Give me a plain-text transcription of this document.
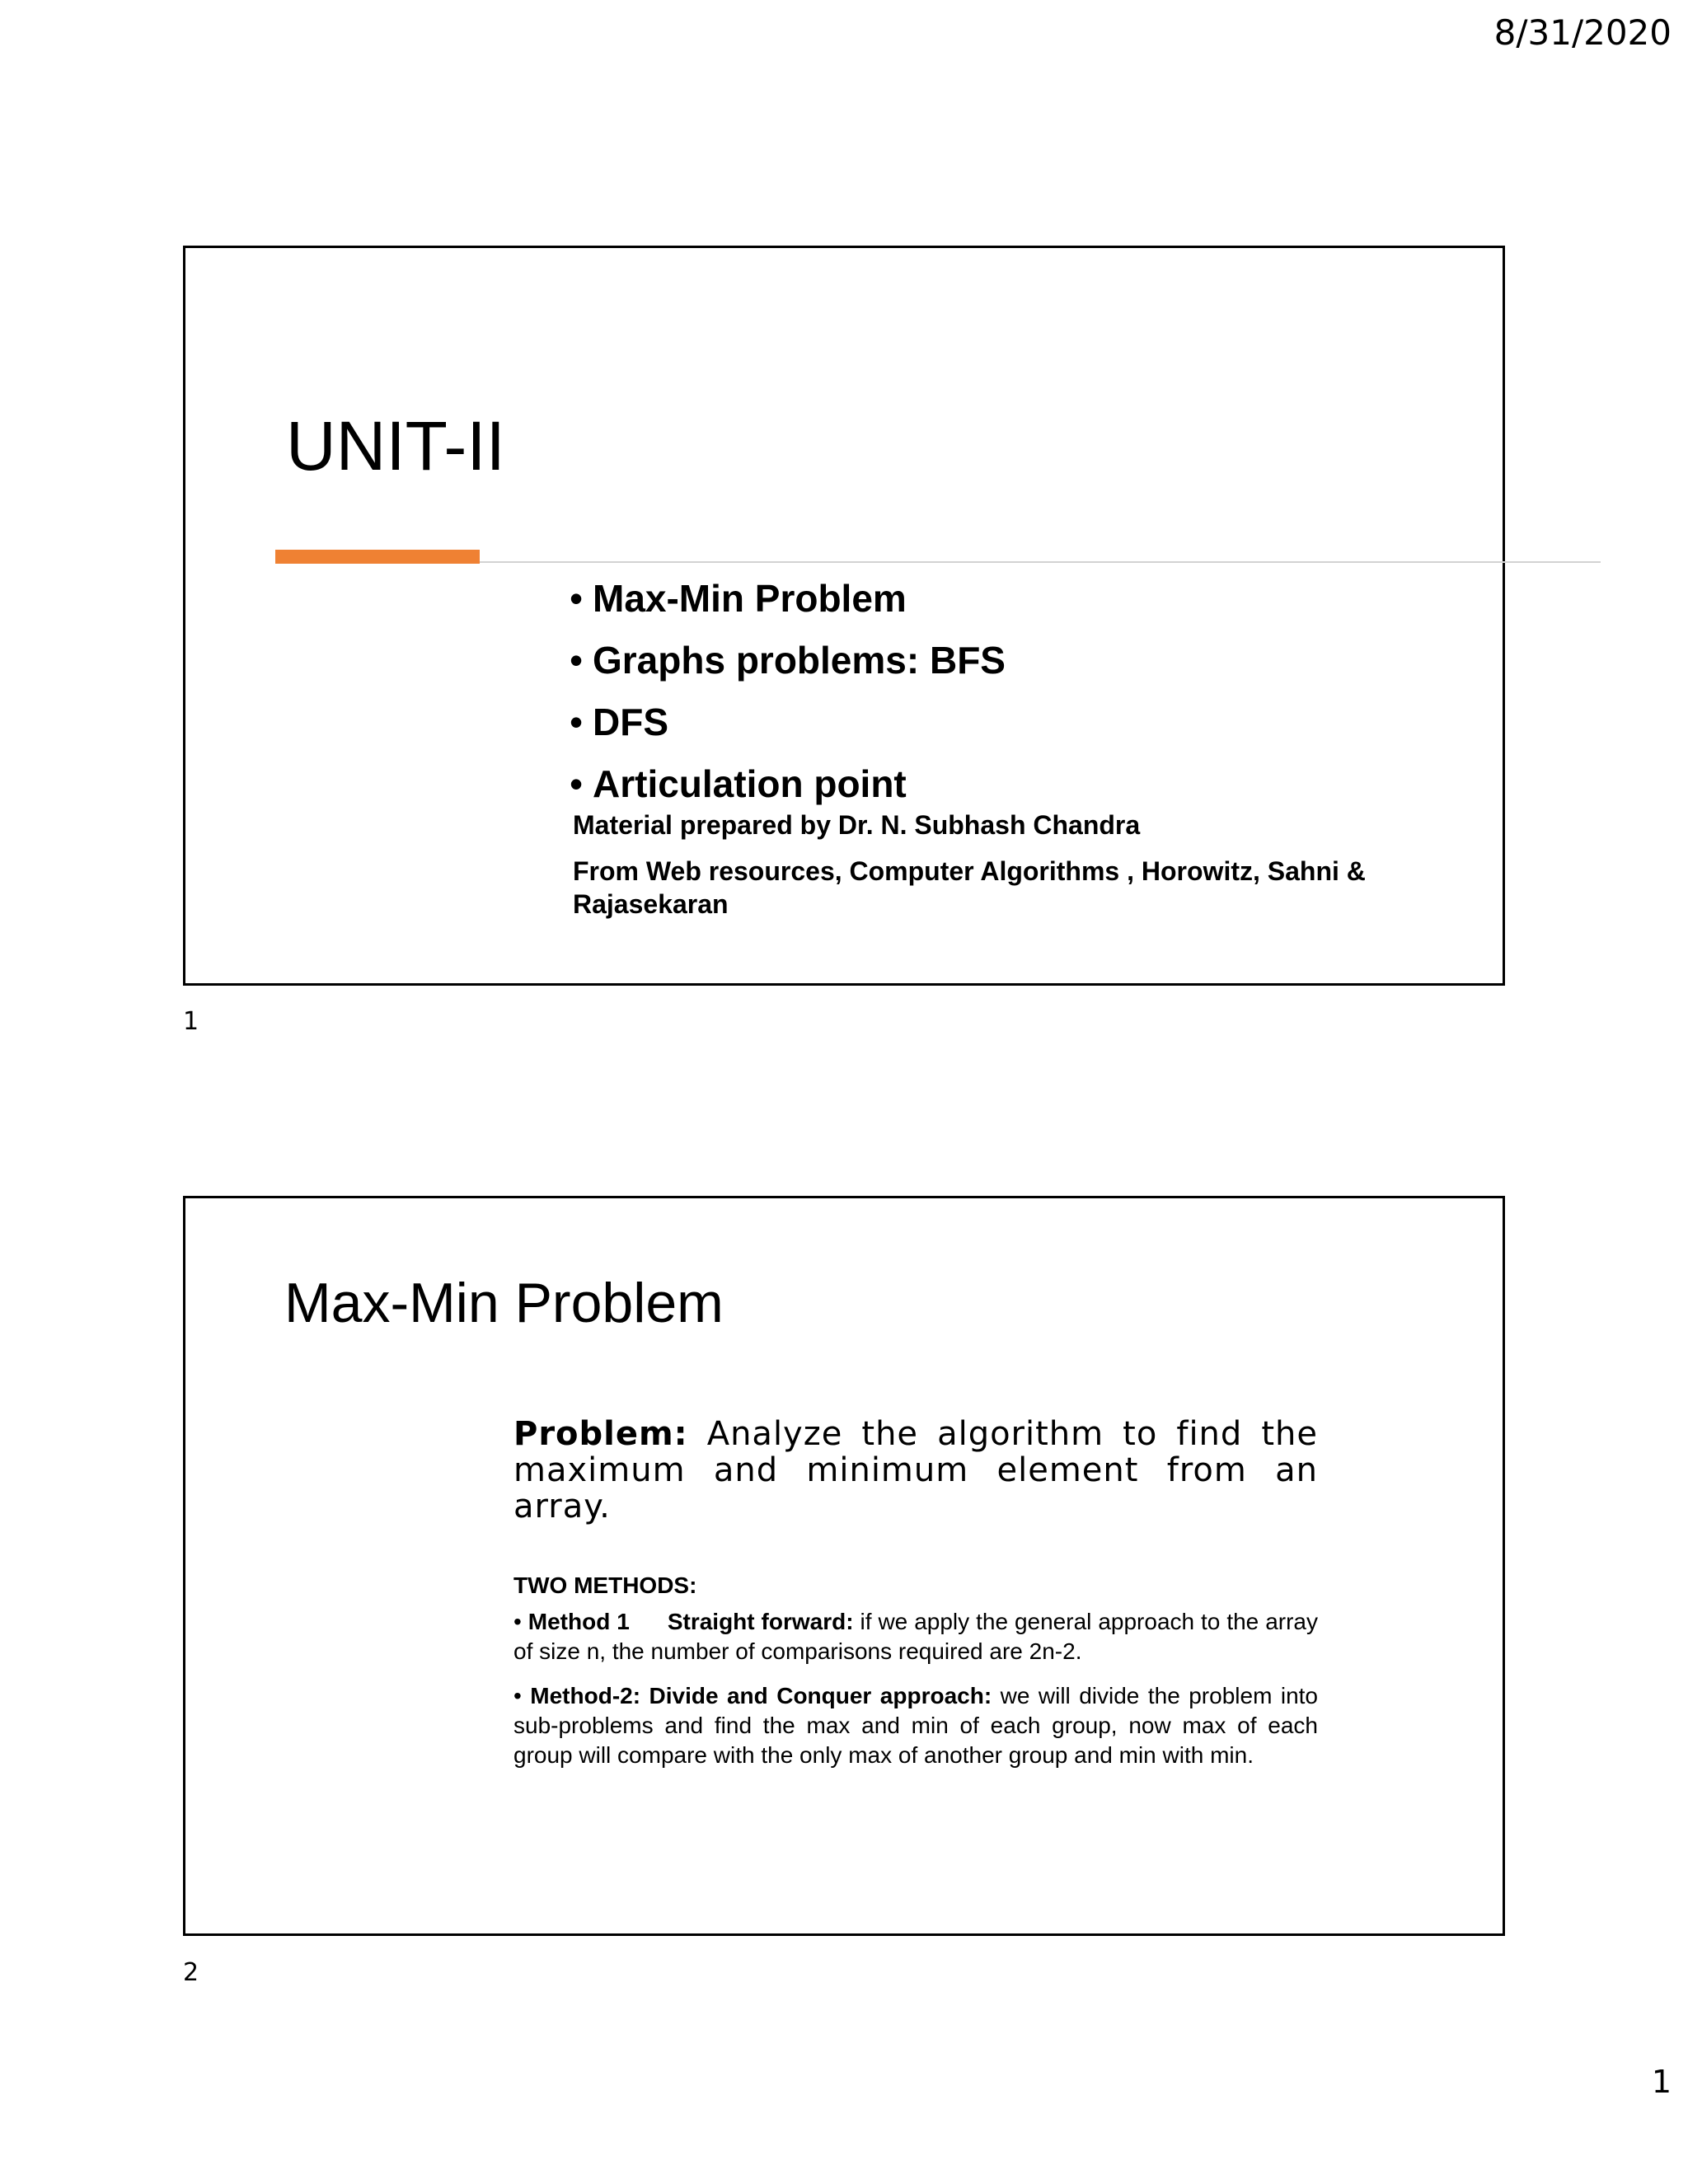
8/31/2020
UNIT-II
• Max-Min Problem
• Graphs problems: BFS
• DFS
• Articulation point
Material prepared by Dr. N. Subhash Chandra
From Web resources, Computer Algorithms , Horowitz, Sahni & Rajasekaran
1
Max-Min Problem
Problem: Analyze the algorithm to find the maximum and minimum element from an array.
TWO METHODS:
• Method 1 Straight forward: if we apply the general approach to the array of size n, the number of comparisons required are 2n-2.
• Method-2: Divide and Conquer approach: we will divide the problem into sub-problems and find the max and min of each group, now max of each group will compare with the only max of another group and min with min.
2
1
